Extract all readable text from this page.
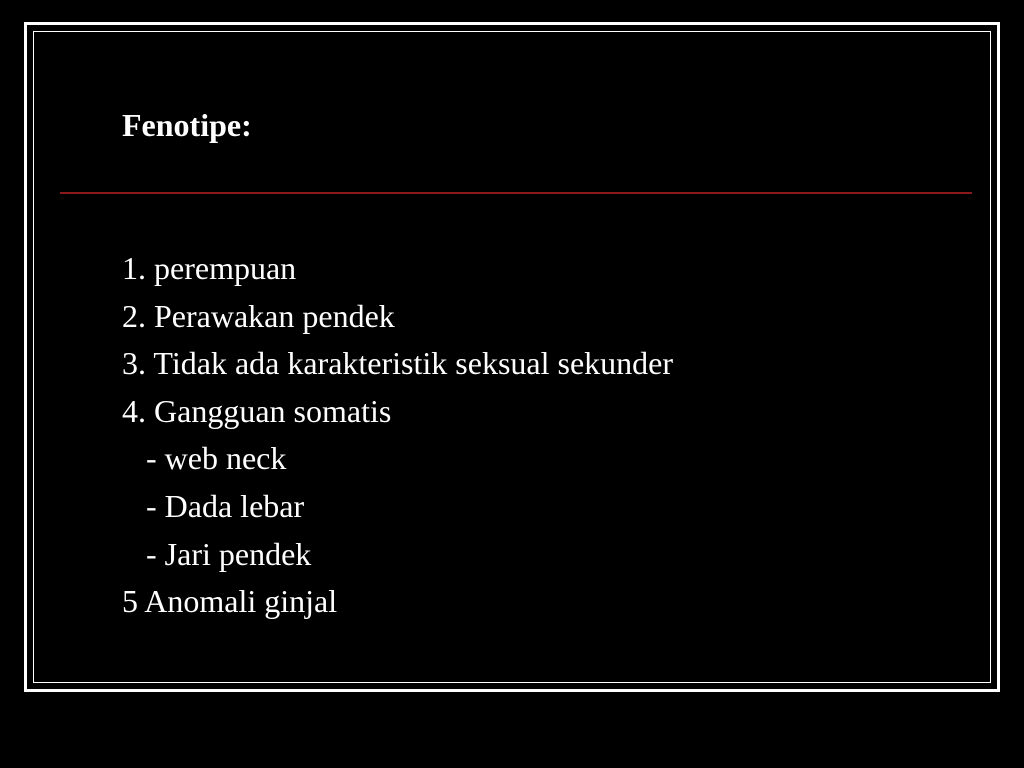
Fenotipe:
1. perempuan
2. Perawakan pendek
3. Tidak ada karakteristik seksual sekunder
4. Gangguan somatis
- web neck
- Dada lebar
- Jari pendek
5 Anomali ginjal
